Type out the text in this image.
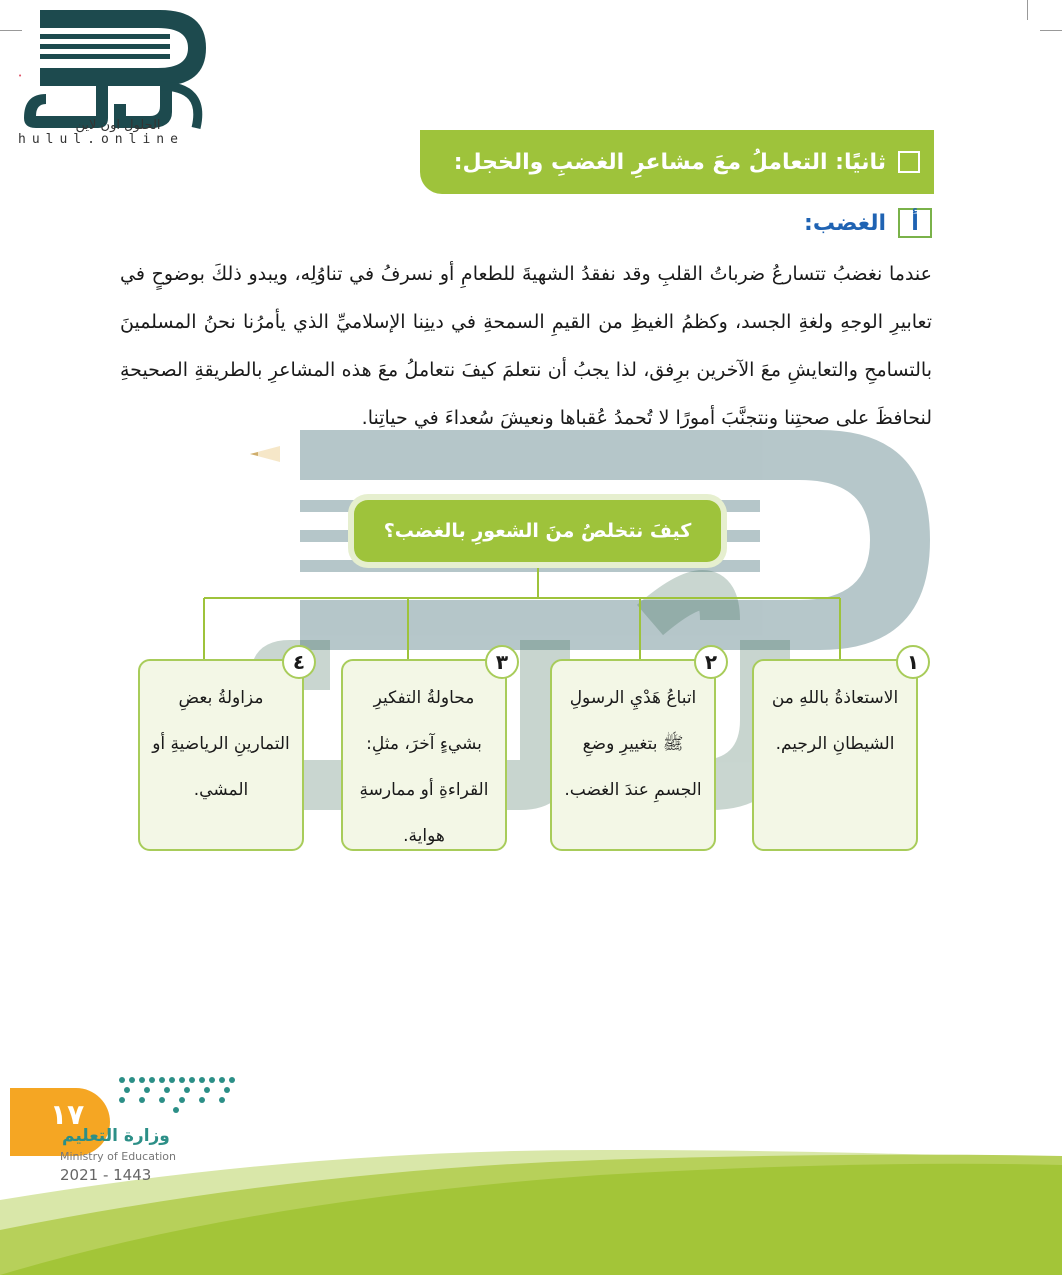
•
الحلول اون لاين
hulul.online
ثانيًا: التعاملُ معَ مشاعرِ الغضبِ والخجل:
أ
الغضب:
عندما نغضبُ تتسارعُ ضرباتُ القلبِ وقد نفقدُ الشهيةَ للطعامِ أو نسرفُ في تناوُلِه، ويبدو ذلكَ بوضوحٍ في تعابيرِ الوجهِ ولغةِ الجسد، وكظمُ الغيظِ من القيمِ السمحةِ في دينِنا الإسلاميِّ الذي يأمرُنا نحنُ المسلمينَ بالتسامحِ والتعايشِ معَ الآخرين برِفق، لذا يجبُ أن نتعلمَ كيفَ نتعاملُ معَ هذه المشاعرِ بالطريقةِ الصحيحةِ لنحافظَ على صحتِنا ونتجنَّبَ أمورًا لا تُحمدُ عُقباها ونعيشَ سُعداءَ في حياتِنا.
كيفَ نتخلصُ منَ الشعورِ بالغضب؟
١
الاستعاذةُ باللهِ من الشيطانِ الرجيم.
٢
اتباعُ هَدْيِ الرسولِ ﷺ بتغييرِ وضعِ الجسمِ عندَ الغضب.
٣
محاولةُ التفكيرِ بشيءٍ آخرَ، مثلِ: القراءةِ أو ممارسةِ هواية.
٤
مزاولةُ بعضِ التمارينِ الرياضيةِ أو المشي.
١٧
وزارة التعليم
Ministry of Education
2021 - 1443
